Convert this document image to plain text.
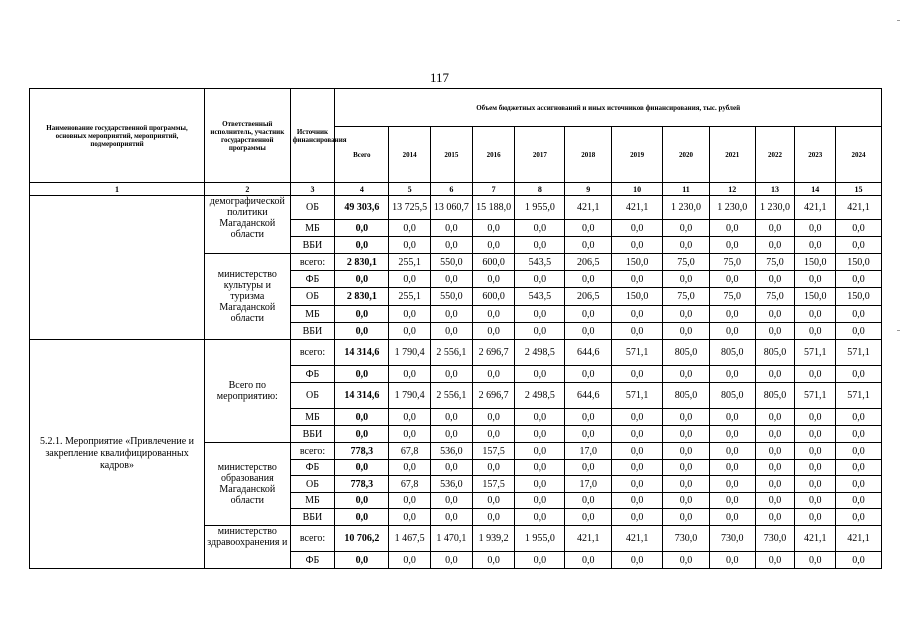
117
Наименование государственной программы, основных мероприятий, мероприятий, подмероприятий	Ответственный исполнитель, участник государственной программы	Источник финансирования	Объем бюджетных ассигнований и иных источников финансирования, тыс. рублей											
			Всего	2014	2015	2016	2017	2018	2019	2020	2021	2022	2023	2024
1	2	3	4	5	6	7	8	9	10	11	12	13	14	15
	демографической политики Магаданской области	ОБ	49 303,6	13 725,5	13 060,7	15 188,0	1 955,0	421,1	421,1	1 230,0	1 230,0	1 230,0	421,1	421,1
		МБ	0,0	0,0	0,0	0,0	0,0	0,0	0,0	0,0	0,0	0,0	0,0	0,0
		ВБИ	0,0	0,0	0,0	0,0	0,0	0,0	0,0	0,0	0,0	0,0	0,0	0,0
	министерство культуры и туризма Магаданской области	всего:	2 830,1	255,1	550,0	600,0	543,5	206,5	150,0	75,0	75,0	75,0	150,0	150,0
		ФБ	0,0	0,0	0,0	0,0	0,0	0,0	0,0	0,0	0,0	0,0	0,0	0,0
		ОБ	2 830,1	255,1	550,0	600,0	543,5	206,5	150,0	75,0	75,0	75,0	150,0	150,0
		МБ	0,0	0,0	0,0	0,0	0,0	0,0	0,0	0,0	0,0	0,0	0,0	0,0
		ВБИ	0,0	0,0	0,0	0,0	0,0	0,0	0,0	0,0	0,0	0,0	0,0	0,0
5.2.1. Мероприятие «Привлечение и закрепление квалифицированных кадров»	Всего по мероприятию:	всего:	14 314,6	1 790,4	2 556,1	2 696,7	2 498,5	644,6	571,1	805,0	805,0	805,0	571,1	571,1
		ФБ	0,0	0,0	0,0	0,0	0,0	0,0	0,0	0,0	0,0	0,0	0,0	0,0
		ОБ	14 314,6	1 790,4	2 556,1	2 696,7	2 498,5	644,6	571,1	805,0	805,0	805,0	571,1	571,1
		МБ	0,0	0,0	0,0	0,0	0,0	0,0	0,0	0,0	0,0	0,0	0,0	0,0
		ВБИ	0,0	0,0	0,0	0,0	0,0	0,0	0,0	0,0	0,0	0,0	0,0	0,0
	министерство образования Магаданской области	всего:	778,3	67,8	536,0	157,5	0,0	17,0	0,0	0,0	0,0	0,0	0,0	0,0
		ФБ	0,0	0,0	0,0	0,0	0,0	0,0	0,0	0,0	0,0	0,0	0,0	0,0
		ОБ	778,3	67,8	536,0	157,5	0,0	17,0	0,0	0,0	0,0	0,0	0,0	0,0
		МБ	0,0	0,0	0,0	0,0	0,0	0,0	0,0	0,0	0,0	0,0	0,0	0,0
		ВБИ	0,0	0,0	0,0	0,0	0,0	0,0	0,0	0,0	0,0	0,0	0,0	0,0
	министерство здравоохранения и	всего:	10 706,2	1 467,5	1 470,1	1 939,2	1 955,0	421,1	421,1	730,0	730,0	730,0	421,1	421,1
		ФБ	0,0	0,0	0,0	0,0	0,0	0,0	0,0	0,0	0,0	0,0	0,0	0,0
